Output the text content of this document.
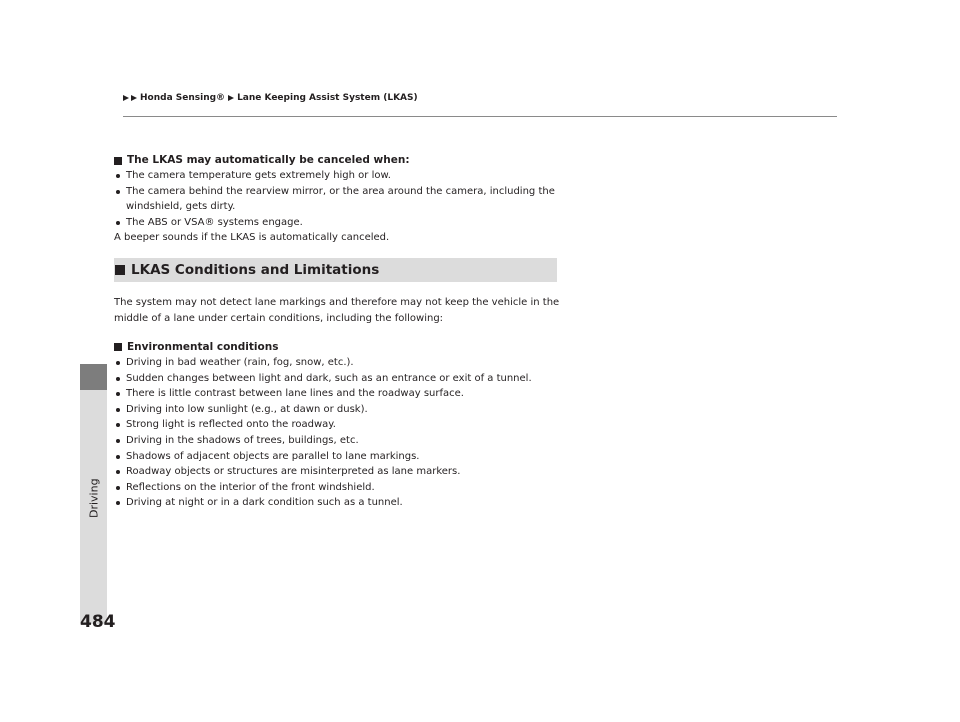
Driving
484
Honda Sensing® Lane Keeping Assist System (LKAS)
The LKAS may automatically be canceled when:
The camera temperature gets extremely high or low.
The camera behind the rearview mirror, or the area around the camera, including the windshield, gets dirty.
The ABS or VSA® systems engage.
A beeper sounds if the LKAS is automatically canceled.
LKAS Conditions and Limitations
The system may not detect lane markings and therefore may not keep the vehicle in the middle of a lane under certain conditions, including the following:
Environmental conditions
Driving in bad weather (rain, fog, snow, etc.).
Sudden changes between light and dark, such as an entrance or exit of a tunnel.
There is little contrast between lane lines and the roadway surface.
Driving into low sunlight (e.g., at dawn or dusk).
Strong light is reflected onto the roadway.
Driving in the shadows of trees, buildings, etc.
Shadows of adjacent objects are parallel to lane markings.
Roadway objects or structures are misinterpreted as lane markers.
Reflections on the interior of the front windshield.
Driving at night or in a dark condition such as a tunnel.
